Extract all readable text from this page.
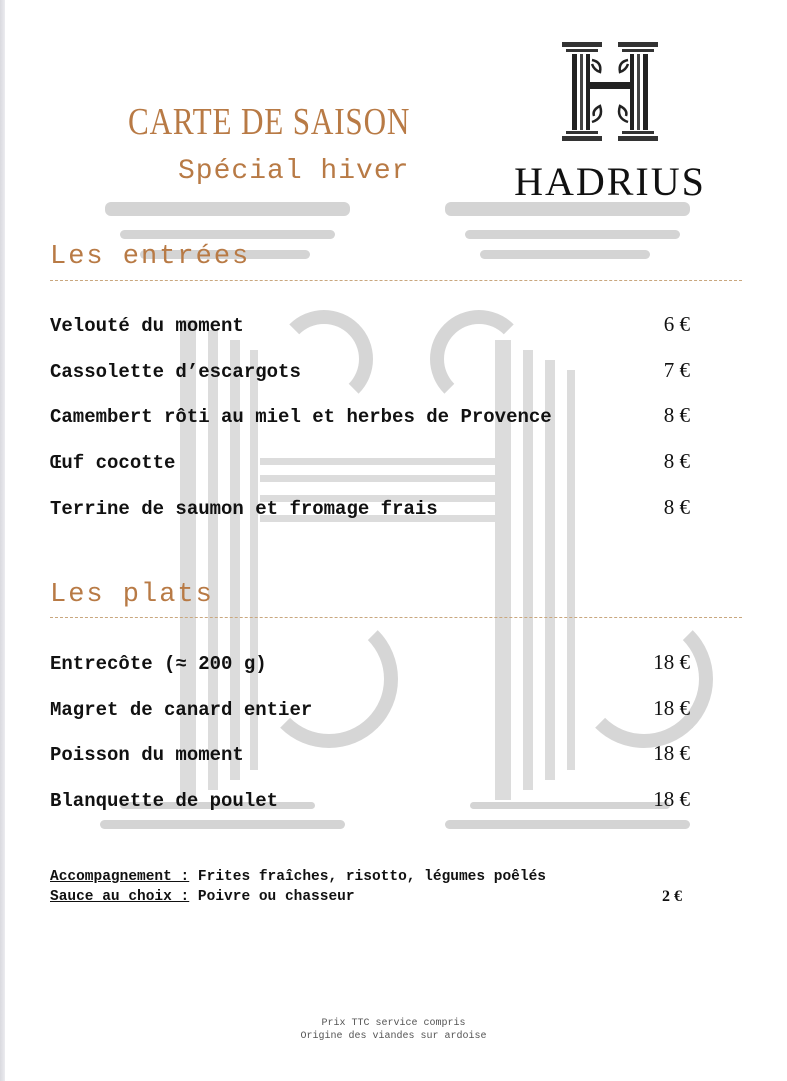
CARTE DE SAISON
Spécial hiver	HADRIUS
Les entrées
Velouté du moment	6 €
Cassolette d’escargots	7 €
Camembert rôti au miel et herbes de Provence	8 €
Œuf cocotte	8 €
Terrine de saumon et fromage frais	8 €
Les plats
Entrecôte (≈ 200 g)	18 €
Magret de canard entier	18 €
Poisson du moment	18 €
Blanquette de poulet	18 €
Accompagnement : Frites fraîches, risotto, légumes poêlés
Sauce au choix : Poivre ou chasseur	2 €
Prix TTC service compris
Origine des viandes sur ardoise
